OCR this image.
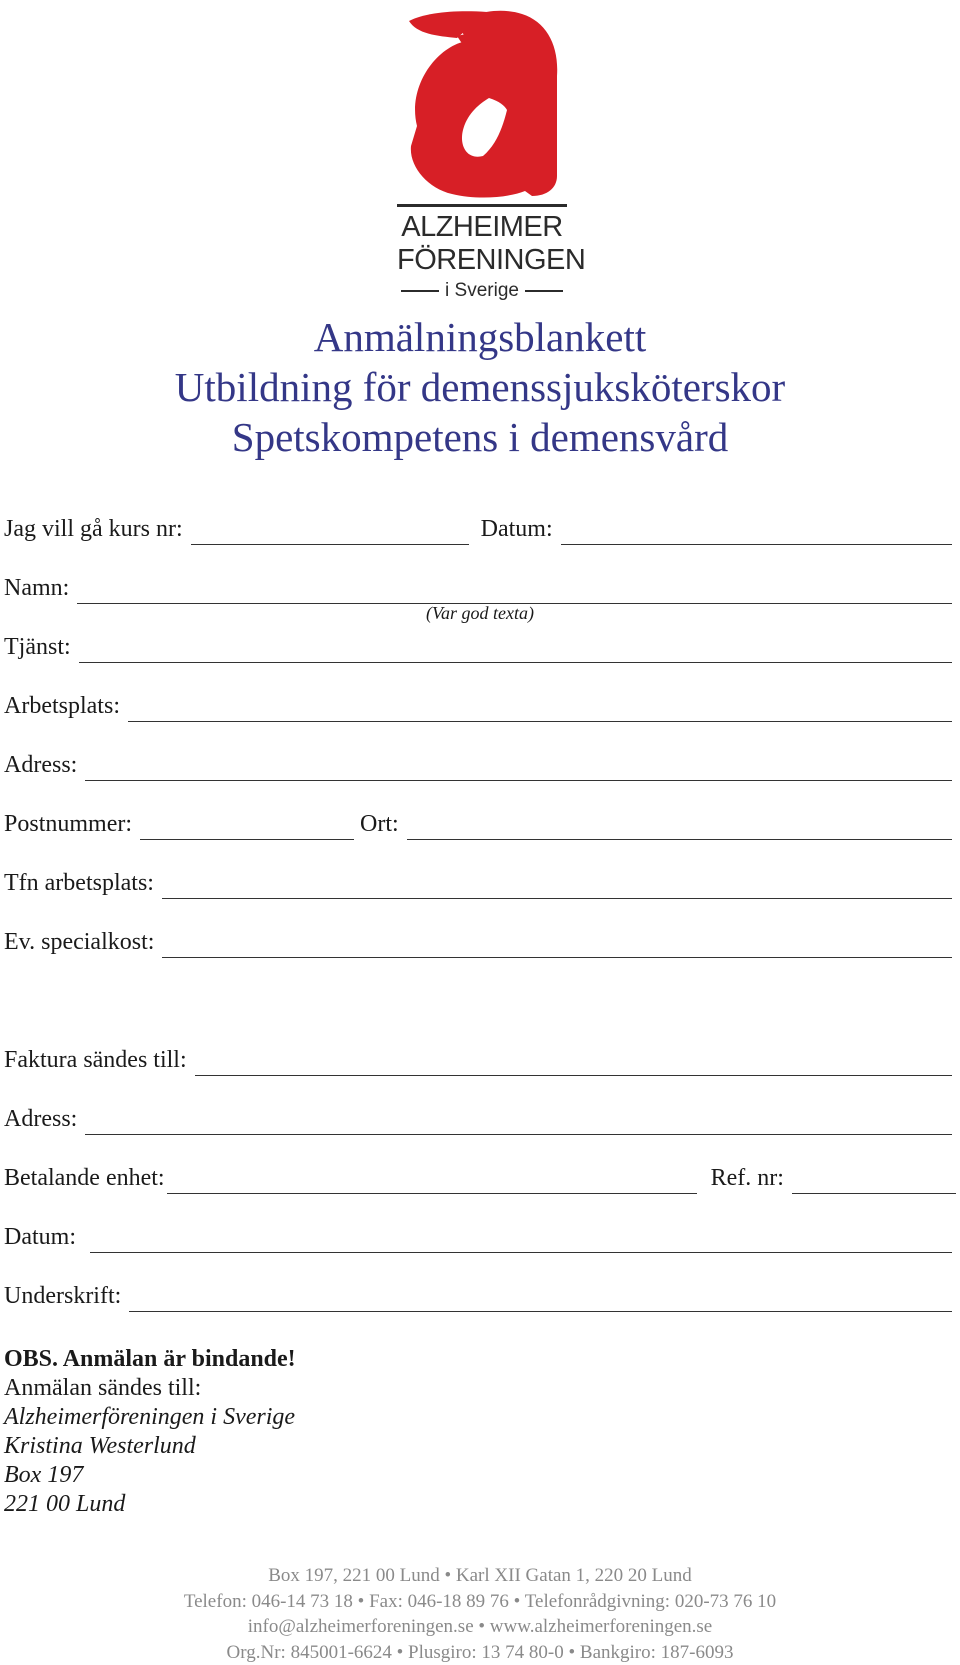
ALZHEIMER
FÖRENINGEN
i Sverige
Anmälningsblankett
Utbildning för demenssjuksköterskor
Spetskompetens i demensvård
Jag vill gå kurs nr:	Datum:
Namn:
(Var god texta)
Tjänst:
Arbetsplats:
Adress:
Postnummer:	Ort:
Tfn arbetsplats:
Ev. specialkost:
Faktura sändes till:
Adress:
Betalande enhet:	Ref. nr:
Datum:
Underskrift:
OBS. Anmälan är bindande!
Anmälan sändes till:
Alzheimerföreningen i Sverige
Kristina Westerlund
Box 197
221 00 Lund
Box 197, 221 00 Lund • Karl XII Gatan 1, 220 20 Lund
Telefon: 046-14 73 18 • Fax: 046-18 89 76 • Telefonrådgivning: 020-73 76 10
info@alzheimerforeningen.se • www.alzheimerforeningen.se
Org.Nr: 845001-6624 • Plusgiro: 13 74 80-0 • Bankgiro: 187-6093
